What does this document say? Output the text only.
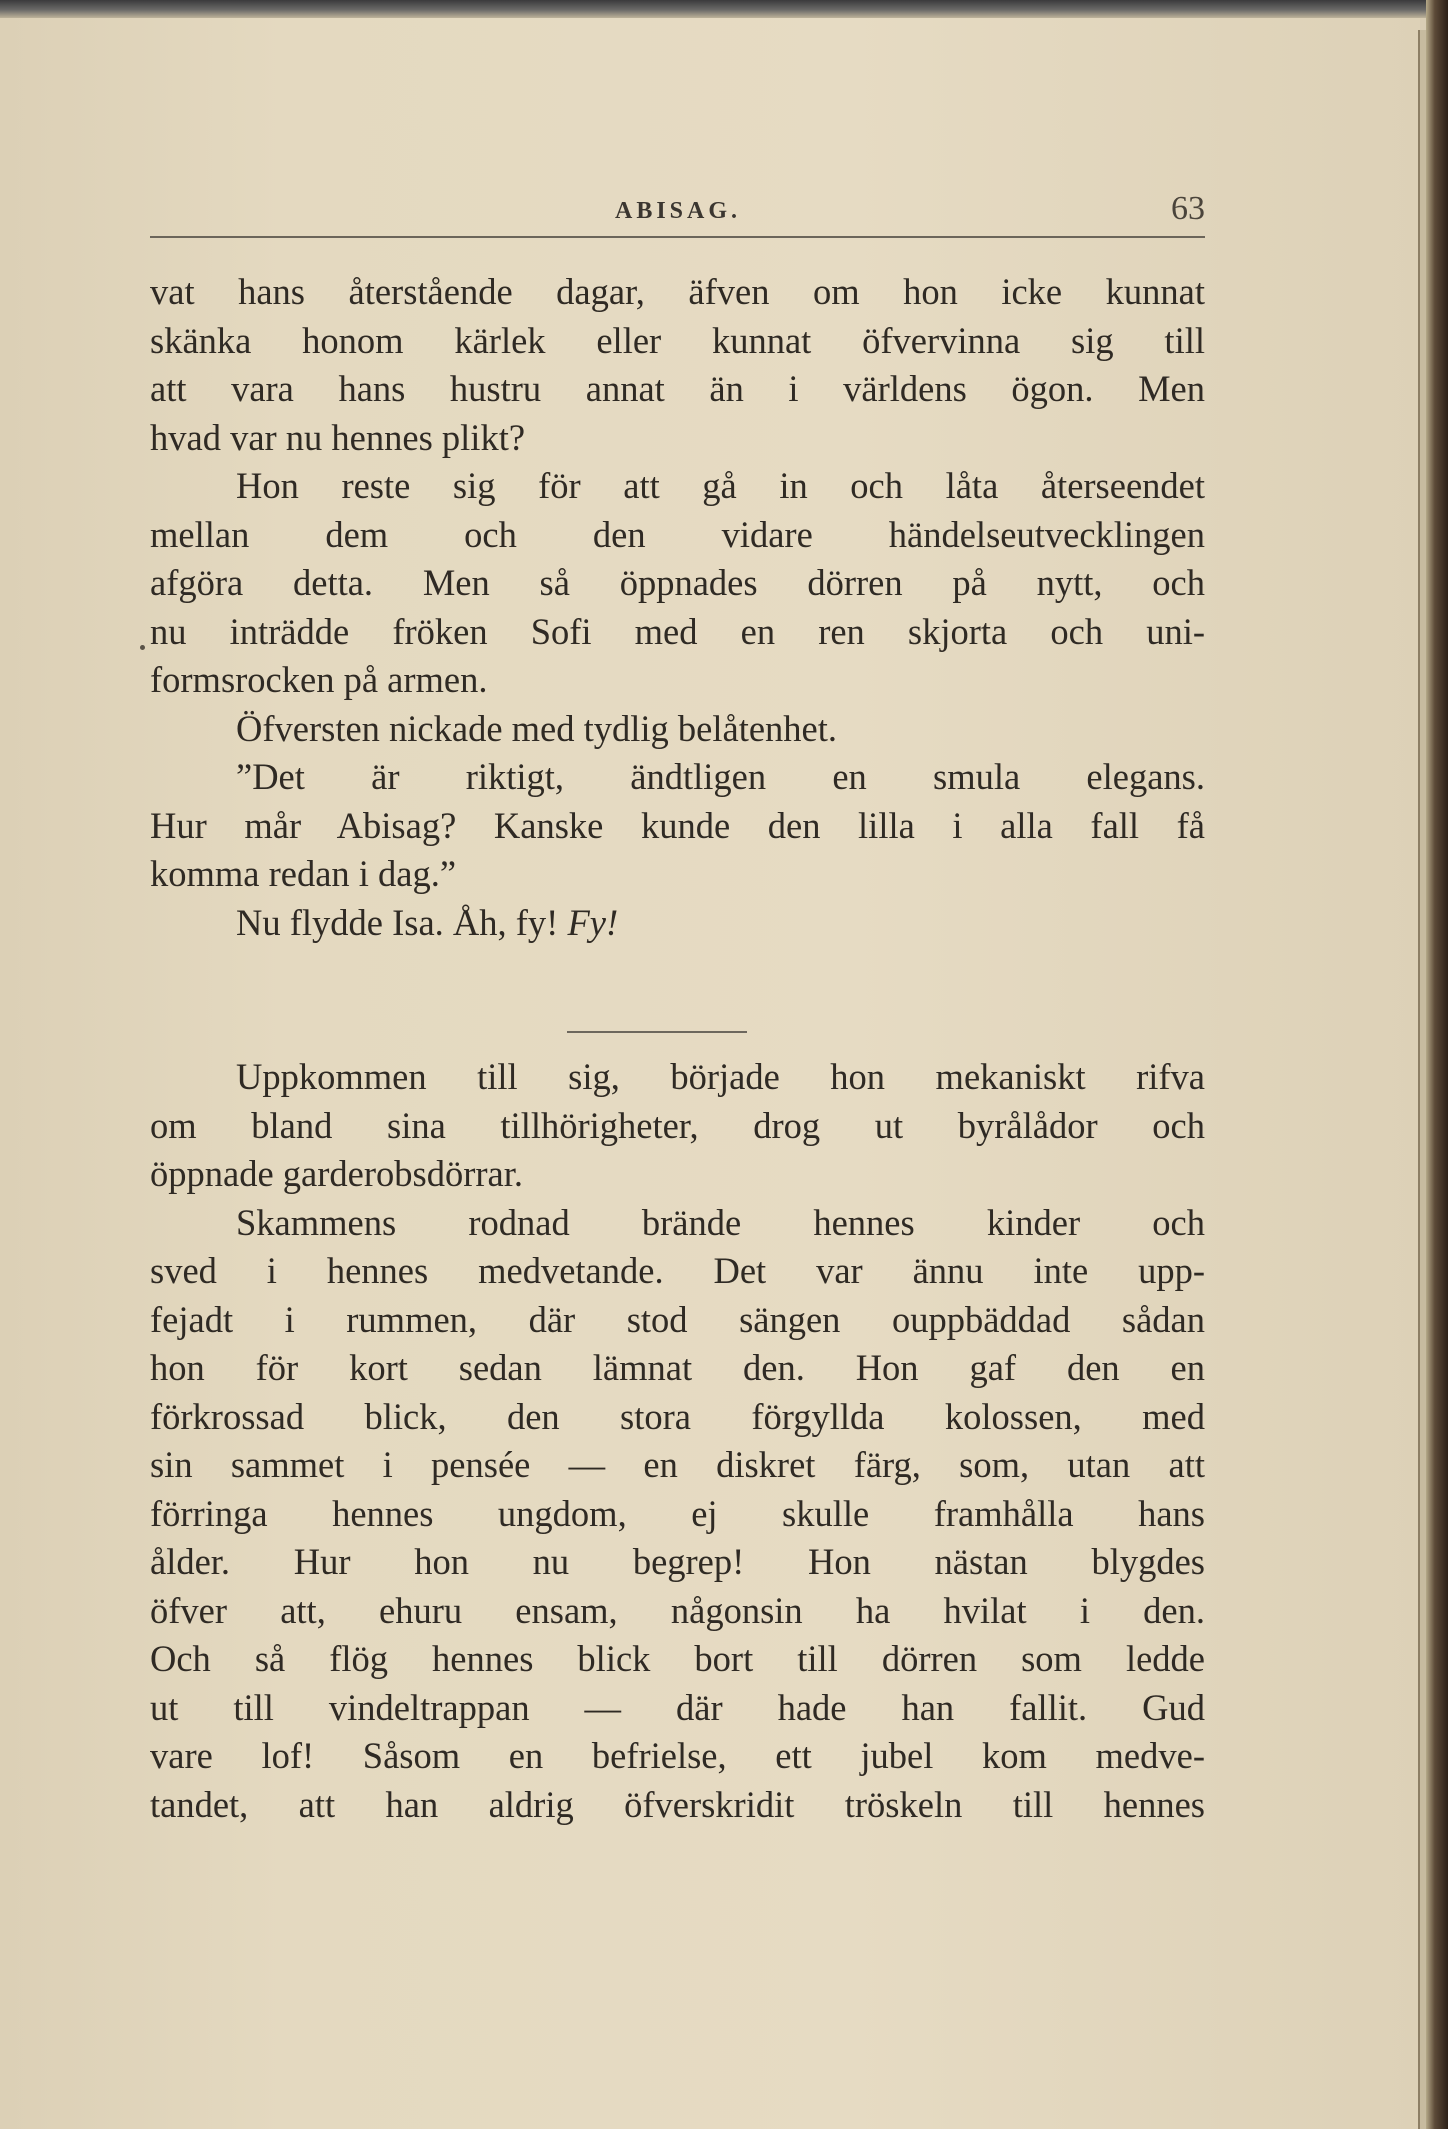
ABISAG.	63
vat hans återstående dagar, äfven om hon icke kunnat
skänka honom kärlek eller kunnat öfvervinna sig till
att vara hans hustru annat än i världens ögon. Men
hvad var nu hennes plikt?
Hon reste sig för att gå in och låta återseendet
mellan dem och den vidare händelseutvecklingen
afgöra detta. Men så öppnades dörren på nytt, och
nu inträdde fröken Sofi med en ren skjorta och uni-
formsrocken på armen.
Öfversten nickade med tydlig belåtenhet.
”Det är riktigt, ändtligen en smula elegans.
Hur mår Abisag? Kanske kunde den lilla i alla fall få
komma redan i dag.”
Nu flydde Isa. Åh, fy! Fy!
Uppkommen till sig, började hon mekaniskt rifva
om bland sina tillhörigheter, drog ut byrålådor och
öppnade garderobsdörrar.
Skammens rodnad brände hennes kinder och
sved i hennes medvetande. Det var ännu inte upp-
fejadt i rummen, där stod sängen ouppbäddad sådan
hon för kort sedan lämnat den. Hon gaf den en
förkrossad blick, den stora förgyllda kolossen, med
sin sammet i pensée — en diskret färg, som, utan att
förringa hennes ungdom, ej skulle framhålla hans
ålder. Hur hon nu begrep! Hon nästan blygdes
öfver att, ehuru ensam, någonsin ha hvilat i den.
Och så flög hennes blick bort till dörren som ledde
ut till vindeltrappan — där hade han fallit. Gud
vare lof! Såsom en befrielse, ett jubel kom medve-
tandet, att han aldrig öfverskridit tröskeln till hennes
